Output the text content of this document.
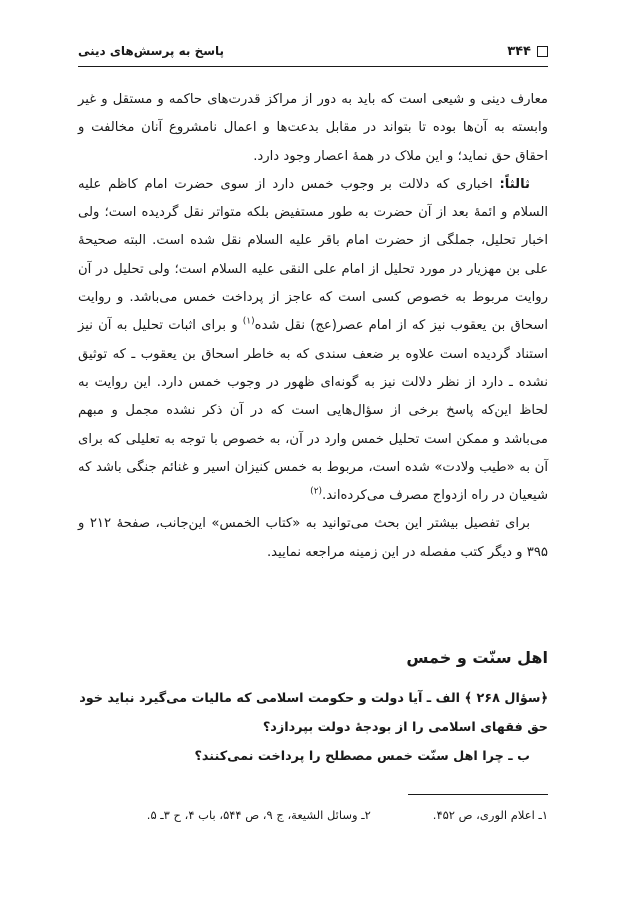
٣۴۴
پاسخ به پرسش‌های دینی

معارف دینی و شیعی است که باید به دور از مراکز قدرت‌های حاکمه و مستقل و غیر وابسته به آن‌ها بوده تا بتواند در مقابل بدعت‌ها و اعمال نامشروع آنان مخالفت و احقاق حق نماید؛ و این ملاک در همهٔ اعصار وجود دارد.

ثالثاً: اخباری که دلالت بر وجوب خمس دارد از سوی حضرت امام کاظم‌ عليه السلام و ائمهٔ بعد از آن حضرت به طور مستفیض بلکه متواتر نقل گردیده است؛ ولی اخبار تحلیل، جملگی از حضرت امام باقر عليه السلام نقل شده است. البته صحیحهٔ علی بن مهزیار در مورد تحلیل از امام علی النقی عليه السلام است؛ ولی تحلیل در آن روایت مربوط به خصوص کسی است که عاجز از پرداخت خمس می‌باشد. و روایت اسحاق بن یعقوب نیز که از امام عصر(عج) نقل شده$^{(۱)}$ و برای اثبات تحلیل به آن نیز استناد گردیده است علاوه بر ضعف سندی که به خاطر اسحاق بن یعقوب ـ که توثیق نشده ـ دارد از نظر دلالت نیز به گونه‌ای ظهور در وجوب خمس دارد. این روایت به لحاظ این‌که پاسخ برخی از سؤال‌هایی است که در آن ذکر نشده مجمل و مبهم می‌باشد و ممکن است تحلیل خمس وارد در آن، به خصوص با توجه به تعلیلی که برای آن به «طیب ولادت» شده است، مربوط به خمس کنیزان اسیر و غنائم جنگی باشد که شیعیان در راه ازدواج مصرف می‌کرده‌اند.$^{(۲)}$

برای تفصیل بیشتر این بحث می‌توانید به «کتاب الخمس» این‌جانب، صفحهٔ ۲۱۲ و ۳۹۵ و دیگر کتب مفصله در این زمینه مراجعه نمایید.

اهل سنّت و خمس

﴿سؤال ۲۶۸ ﴾ الف ـ آیا دولت و حکومت اسلامی که مالیات می‌گیرد نباید خود حق فقهای اسلامی را از بودجهٔ دولت بپردازد؟

ب ـ چرا اهل سنّت خمس مصطلح را پرداخت نمی‌کنند؟

۱ـ اعلام الوری، ص ۴۵۲.
۲ـ وسائل الشیعة، ج ۹، ص ۵۴۴، باب ۴، ح ۳ـ ۵.
